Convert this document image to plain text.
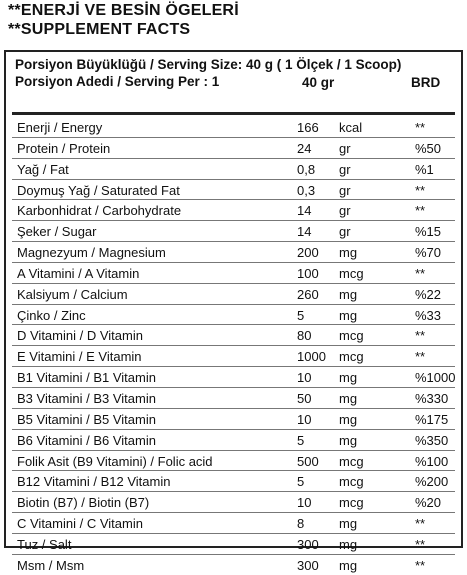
**ENERJİ VE BESİN ÖGELERİ
**SUPPLEMENT FACTS
Porsiyon Büyüklüğü / Serving Size: 40 g ( 1 Ölçek / 1 Scoop)
Porsiyon Adedi / Serving Per : 1	40 gr	BRD
Enerji / Energy	166 kcal	**
Protein / Protein	24 gr	%50
Yağ / Fat	0,8 gr	%1
Doymuş Yağ / Saturated Fat	0,3 gr	**
Karbonhidrat / Carbohydrate	14 gr	**
Şeker / Sugar	14 gr	%15
Magnezyum / Magnesium	200 mg	%70
A Vitamini / A Vitamin	100 mcg	**
Kalsiyum / Calcium	260 mg	%22
Çinko / Zinc	5	mg	%33
D Vitamini / D Vitamin	80 mcg	**
E Vitamini / E Vitamin	1000 mcg	**
B1 Vitamini / B1 Vitamin	10 mg	%1000
B3 Vitamini / B3 Vitamin	50 mg	%330
B5 Vitamini / B5 Vitamin	10 mg	%175
B6 Vitamini / B6 Vitamin	5	mg	%350
Folik Asit (B9 Vitamini) / Folic acid	500 mcg	%100
B12 Vitamini / B12 Vitamin	5	mcg	%200
Biotin (B7) / Biotin (B7)	10 mcg	%20
C Vitamini / C Vitamin	8	mg	**
Tuz / Salt	300 mg	**
Msm / Msm	300 mg	**
